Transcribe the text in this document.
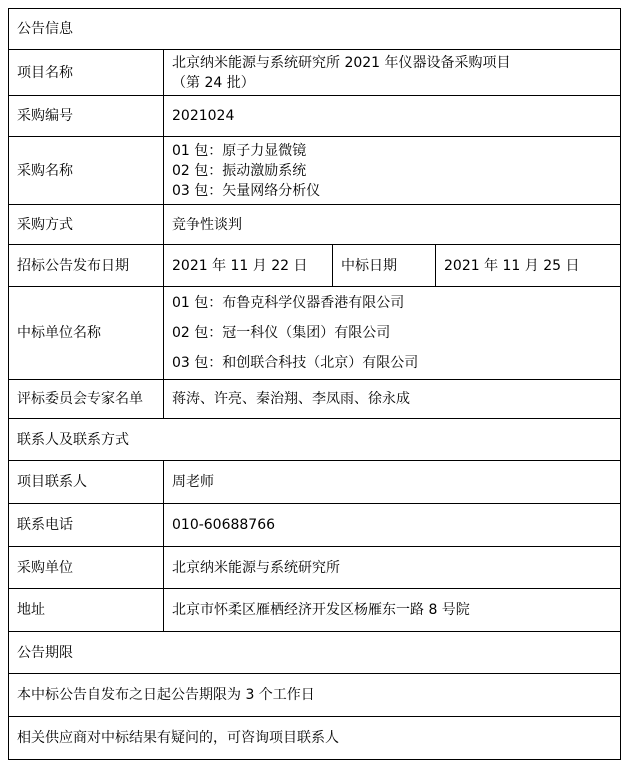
公告信息			
项目名称	北京纳米能源与系统研究所 2021 年仪器设备采购项目
（第 24 批）		

采购编号	2021024		
采购名称	01 包：原子力显微镜
02 包：振动激励系统
03 包：矢量网络分析仪		

采购方式	竞争性谈判		
招标公告发布日期	2021 年 11 月 22 日	中标日期	2021 年 11 月 25 日
中标单位名称	01 包：布鲁克科学仪器香港有限公司
02 包：冠一科仪（集团）有限公司
03 包：和创联合科技（北京）有限公司		

评标委员会专家名单	蒋涛、许亮、秦治翔、李凤雨、徐永成		
联系人及联系方式			
项目联系人	周老师		
联系电话	010-60688766		
采购单位	北京纳米能源与系统研究所		
地址	北京市怀柔区雁栖经济开发区杨雁东一路 8 号院		
公告期限			
本中标公告自发布之日起公告期限为 3 个工作日			
相关供应商对中标结果有疑问的，可咨询项目联系人			
